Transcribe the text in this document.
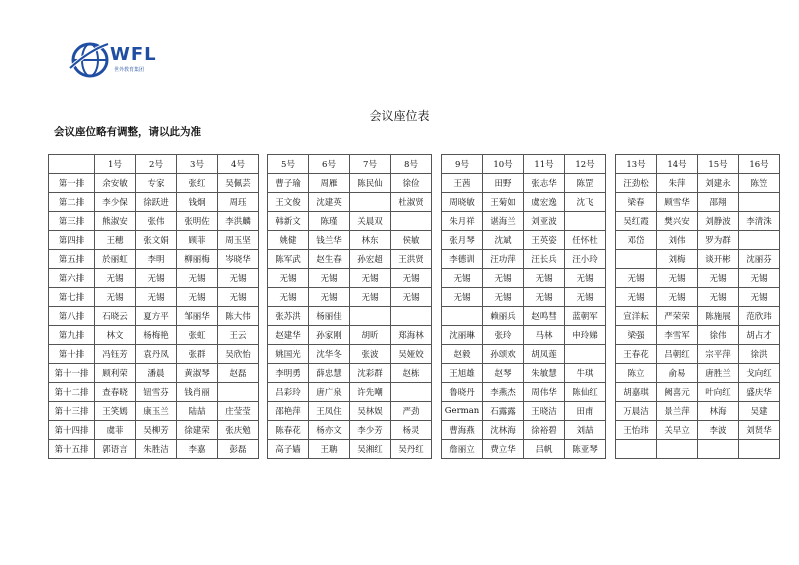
WFL
世外教育集团
会议座位表
会议座位略有调整，请以此为准
	1号	2号	3号	4号		5号	6号	7号	8号		9号	10号	11号	12号		13号	14号	15号	16号
第一排	余安敏	专家	张红	吴佩芸		曹子瑜	周雁	陈民仙	徐俭		王茜	田野	张志华	陈罡		汪劲松	朱萍	刘建永	陈笠
第二排	李少保	徐跃进	钱炯	周珏		王文俊	沈建英		杜淑贤		周晓敏	王菊如	虞宏逸	沈飞		梁春	顾雪华	邵翔	
第三排	熊淑安	张伟	张明佐	李洪麟		韩新文	陈瑾	关晨双			朱月祥	谌海兰	刘亚波			吴红霞	樊兴安	刘静波	李清洙
第四排	王穗	张文娟	顾菲	周玉坚		姚健	钱兰华	林东	侯敏		张月琴	沈斌	王英姿	任怀杜		邓岱	刘伟	罗为群	
第五排	於丽虹	李明	柳丽梅	岑晓华		陈军武	赵生春	孙宏超	王洪贤		李德训	汪功萍	汪长兵	汪小玲			刘梅	谈开彬	沈丽芬
第六排	无锡	无锡	无锡	无锡		无锡	无锡	无锡	无锡		无锡	无锡	无锡	无锡		无锡	无锡	无锡	无锡
第七排	无锡	无锡	无锡	无锡		无锡	无锡	无锡	无锡		无锡	无锡	无锡	无锡		无锡	无锡	无锡	无锡
第八排	石晓云	夏方平	邹丽华	陈大伟		张苏洪	杨丽佳					赖丽兵	赵鸣彗	蓝朝军		宣洋耘	严荣荣	陈施展	范欣玮
第九排	林文	杨梅艳	张虹	王云		赵建华	孙家刚	胡昕	郑海林		沈丽琳	张玲	马林	申玲娣		梁强	李雪军	徐伟	胡占才
第十排	冯钰芳	袁丹凤	张群	吴欣怡		姚国光	沈华冬	张波	吴娅姣		赵毅	孙颂欢	胡凤莲			王春花	吕朝红	宗平萍	徐洪
第十一排	顾利荣	潘晨	黄淑琴	赵磊		李明勇	薛忠慧	沈彩群	赵栋		王旭雄	赵琴	朱敏慧	牛琪		陈立	俞易	唐胜兰	戈向红
第十二排	查春晓	钮雪芬	钱肖丽			吕彩玲	唐广泉	许先嘲			鲁晓丹	李燕杰	周伟华	陈仙红		胡嘉琪	阙喜元	叶向红	盛庆华
第十三排	王笑嫣	康玉兰	陆喆	庄莹莹		邵艳萍	王凤住	吴林娱	严劲		German	石露露	王晓洁	田甫		万晨洁	景兰萍	林海	吴建
第十四排	虞菲	吴柳芳	徐建荣	张庆勉		陈春花	杨亦文	李少芳	杨灵		曹海燕	沈林海	徐裕碧	刘喆		王怡玮	关早立	李波	刘贤华
第十五排	郭语言	朱胜洁	李嘉	彭磊		高子嫱	王聃	吴湘红	吴丹红		詹丽立	费立华	吕帆	陈亚琴					
